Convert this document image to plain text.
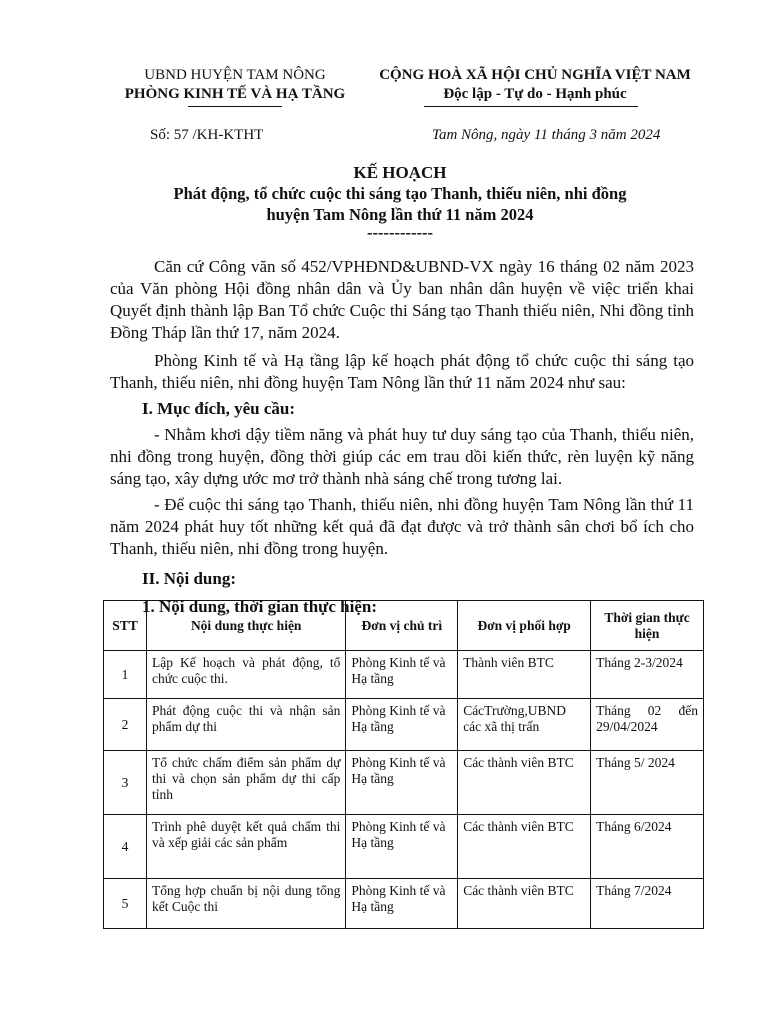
UBND HUYỆN TAM NÔNG
PHÒNG KINH TẾ VÀ HẠ TẦNG
CỘNG HOÀ XÃ HỘI CHỦ NGHĨA VIỆT NAM
Độc lập - Tự do - Hạnh phúc
Số: 57 /KH-KTHT	Tam Nông, ngày 11 tháng 3 năm 2024
KẾ HOẠCH
Phát động, tổ chức cuộc thi sáng tạo Thanh, thiếu niên, nhi đồng
huyện Tam Nông lần thứ 11 năm 2024
------------

Căn cứ Công văn số 452/VPHĐND&UBND-VX ngày 16 tháng 02 năm 2023 của Văn phòng Hội đồng nhân dân và Ủy ban nhân dân huyện về việc triển khai Quyết định thành lập Ban Tổ chức Cuộc thi Sáng tạo Thanh thiếu niên, Nhi đồng tỉnh Đồng Tháp lần thứ 17, năm 2024.

Phòng Kinh tế và Hạ tầng lập kế hoạch phát động tổ chức cuộc thi sáng tạo Thanh, thiếu niên, nhi đồng huyện Tam Nông lần thứ 11 năm 2024 như sau:

I. Mục đích, yêu cầu:

- Nhằm khơi dậy tiềm năng và phát huy tư duy sáng tạo của Thanh, thiếu niên, nhi đồng trong huyện, đồng thời giúp các em trau dồi kiến thức, rèn luyện kỹ năng sáng tạo, xây dựng ước mơ trở thành nhà sáng chế trong tương lai.

- Để cuộc thi sáng tạo Thanh, thiếu niên, nhi đồng huyện Tam Nông lần thứ 11 năm 2024 phát huy tốt những kết quả đã đạt được và trở thành sân chơi bổ ích cho Thanh, thiếu niên, nhi đồng trong huyện.

II. Nội dung:
1. Nội dung, thời gian thực hiện:
STT	Nội dung thực hiện	Đơn vị chủ trì	Đơn vị phối hợp	Thời gian thực hiện
1	Lập Kế hoạch và phát động, tổ chức cuộc thi.	Phòng Kinh tế và Hạ tầng	Thành viên BTC	Tháng 2-3/2024
2	Phát động cuộc thi và nhận sản phẩm dự thi	Phòng Kinh tế và Hạ tầng	CácTrường,UBND các xã thị trấn	Tháng 02 đến 29/04/2024
3	Tổ chức chấm điểm sản phẩm dự thi và chọn sản phẩm dự thi cấp tỉnh	Phòng Kinh tế và Hạ tầng	Các thành viên BTC	Tháng 5/ 2024
4	Trình phê duyệt kết quả chấm thi và xếp giải các sản phẩm	Phòng Kinh tế và Hạ tầng	Các thành viên BTC	Tháng 6/2024
5	Tổng hợp chuẩn bị nội dung tổng kết Cuộc thi	Phòng Kinh tế và Hạ tầng	Các thành viên BTC	Tháng 7/2024
